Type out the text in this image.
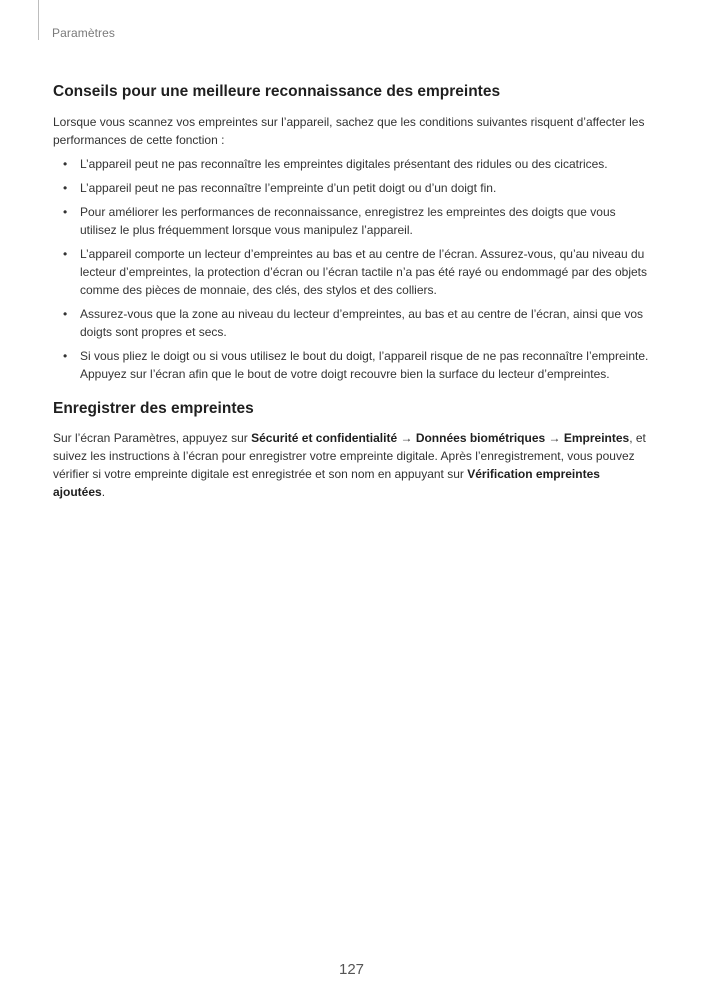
Paramètres
Conseils pour une meilleure reconnaissance des empreintes

Lorsque vous scannez vos empreintes sur l’appareil, sachez que les conditions suivantes risquent d’affecter les performances de cette fonction :

• L’appareil peut ne pas reconnaître les empreintes digitales présentant des ridules ou des cicatrices.
• L’appareil peut ne pas reconnaître l’empreinte d’un petit doigt ou d’un doigt fin.
• Pour améliorer les performances de reconnaissance, enregistrez les empreintes des doigts que vous utilisez le plus fréquemment lorsque vous manipulez l’appareil.
• L’appareil comporte un lecteur d’empreintes au bas et au centre de l’écran. Assurez-vous, qu’au niveau du lecteur d’empreintes, la protection d’écran ou l’écran tactile n’a pas été rayé ou endommagé par des objets comme des pièces de monnaie, des clés, des stylos et des colliers.
• Assurez-vous que la zone au niveau du lecteur d’empreintes, au bas et au centre de l’écran, ainsi que vos doigts sont propres et secs.
• Si vous pliez le doigt ou si vous utilisez le bout du doigt, l’appareil risque de ne pas reconnaître l’empreinte. Appuyez sur l’écran afin que le bout de votre doigt recouvre bien la surface du lecteur d’empreintes.
Enregistrer des empreintes

Sur l’écran Paramètres, appuyez sur Sécurité et confidentialité → Données biométriques → Empreintes, et suivez les instructions à l’écran pour enregistrer votre empreinte digitale. Après l’enregistrement, vous pouvez vérifier si votre empreinte digitale est enregistrée et son nom en appuyant sur Vérification empreintes ajoutées.

127
